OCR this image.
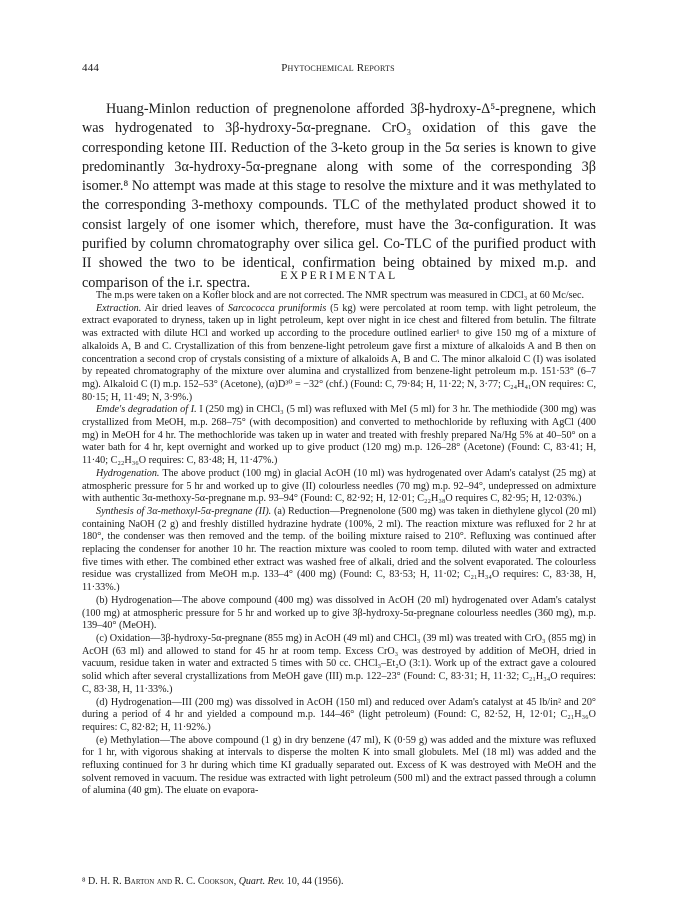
444	Phytochemical Reports

Huang-Minlon reduction of pregnenolone afforded 3β-hydroxy-Δ⁵-pregnene, which was hydrogenated to 3β-hydroxy-5α-pregnane. CrO₃ oxidation of this gave the corresponding ketone III. Reduction of the 3-keto group in the 5α series is known to give predominantly 3α-hydroxy-5α-pregnane along with some of the corresponding 3β isomer.⁸ No attempt was made at this stage to resolve the mixture and it was methylated to the corresponding 3-methoxy compounds. TLC of the methylated product showed it to consist largely of one isomer which, therefore, must have the 3α-configuration. It was purified by column chromatography over silica gel. Co-TLC of the purified product with II showed the two to be identical, confirmation being obtained by mixed m.p. and comparison of the i.r. spectra.	EXPERIMENTAL

The m.ps were taken on a Kofler block and are not corrected. The NMR spectrum was measured in CDCl₃ at 60 Mc/sec.

Extraction. Air dried leaves of Sarcococca pruniformis (5 kg) were percolated at room temp. with light petroleum, the extract evaporated to dryness, taken up in light petroleum, kept over night in ice chest and filtered from betulin. The filtrate was extracted with dilute HCl and worked up according to the procedure outlined earlier¹ to give 150 mg of a mixture of alkaloids A, B and C. Crystallization of this from benzene-light petroleum gave first a mixture of alkaloids A and B then on concentration a second crop of crystals consisting of a mixture of alkaloids A, B and C. The minor alkaloid C (I) was isolated by repeated chromatography of the mixture over alumina and crystallized from benzene-light petroleum m.p. 151·53° (6–7 mg). Alkaloid C (I) m.p. 152–53° (Acetone), (α)D³⁰ = −32° (chf.) (Found: C, 79·84; H, 11·22; N, 3·77; C₂₄H₄₁ON requires: C, 80·15; H, 11·49; N, 3·9%.)

Emde's degradation of I. I (250 mg) in CHCl₃ (5 ml) was refluxed with MeI (5 ml) for 3 hr. The methiodide (300 mg) was crystallized from MeOH, m.p. 268–75° (with decomposition) and converted to methochloride by refluxing with AgCl (400 mg) in MeOH for 4 hr. The methochloride was taken up in water and treated with freshly prepared Na/Hg 5% at 40–50° on a water bath for 4 hr, kept overnight and worked up to give product (120 mg) m.p. 126–28° (Acetone) (Found: C, 83·41; H, 11·40; C₂₂H₃₆O requires: C, 83·48; H, 11·47%.)

Hydrogenation. The above product (100 mg) in glacial AcOH (10 ml) was hydrogenated over Adam's catalyst (25 mg) at atmospheric pressure for 5 hr and worked up to give (II) colourless needles (70 mg) m.p. 92–94°, undepressed on admixture with authentic 3α-methoxy-5α-pregnane m.p. 93–94° (Found: C, 82·92; H, 12·01; C₂₂H₃₈O requires C, 82·95; H, 12·03%.)

Synthesis of 3α-methoxyl-5α-pregnane (II). (a) Reduction—Pregnenolone (500 mg) was taken in diethylene glycol (20 ml) containing NaOH (2 g) and freshly distilled hydrazine hydrate (100%, 2 ml). The reaction mixture was refluxed for 2 hr at 180°, the condenser was then removed and the temp. of the boiling mixture raised to 210°. Refluxing was continued after replacing the condenser for another 10 hr. The reaction mixture was cooled to room temp. diluted with water and extracted five times with ether. The combined ether extract was washed free of alkali, dried and the solvent evaporated. The colourless residue was crystallized from MeOH m.p. 133–4° (400 mg) (Found: C, 83·53; H, 11·02; C₂₁H₃₄O requires: C, 83·38, H, 11·33%.)

(b) Hydrogenation—The above compound (400 mg) was dissolved in AcOH (20 ml) hydrogenated over Adam's catalyst (100 mg) at atmospheric pressure for 5 hr and worked up to give 3β-hydroxy-5α-pregnane colourless needles (360 mg), m.p. 139–40° (MeOH).

(c) Oxidation—3β-hydroxy-5α-pregnane (855 mg) in AcOH (49 ml) and CHCl₃ (39 ml) was treated with CrO₃ (855 mg) in AcOH (63 ml) and allowed to stand for 45 hr at room temp. Excess CrO₃ was destroyed by addition of MeOH, dried in vacuum, residue taken in water and extracted 5 times with 50 cc. CHCl₃–Et₂O (3:1). Work up of the extract gave a coloured solid which after several crystallizations from MeOH gave (III) m.p. 122–23° (Found: C, 83·31; H, 11·32; C₂₁H₃₄O requires: C, 83·38, H, 11·33%.)

(d) Hydrogenation—III (200 mg) was dissolved in AcOH (150 ml) and reduced over Adam's catalyst at 45 lb/in² and 20° during a period of 4 hr and yielded a compound m.p. 144–46° (light petroleum) (Found: C, 82·52, H, 12·01; C₂₁H₃₆O requires: C, 82·82; H, 11·92%.)

(e) Methylation—The above compound (1 g) in dry benzene (47 ml), K (0·59 g) was added and the mixture was refluxed for 1 hr, with vigorous shaking at intervals to disperse the molten K into small globulets. MeI (18 ml) was added and the refluxing continued for 3 hr during which time KI gradually separated out. Excess of K was destroyed with MeOH and the solvent removed in vacuum. The residue was extracted with light petroleum (500 ml) and the extract passed through a column of alumina (40 gm). The eluate on evapora-

⁸ D. H. R. Barton and R. C. Cookson, Quart. Rev. 10, 44 (1956).
